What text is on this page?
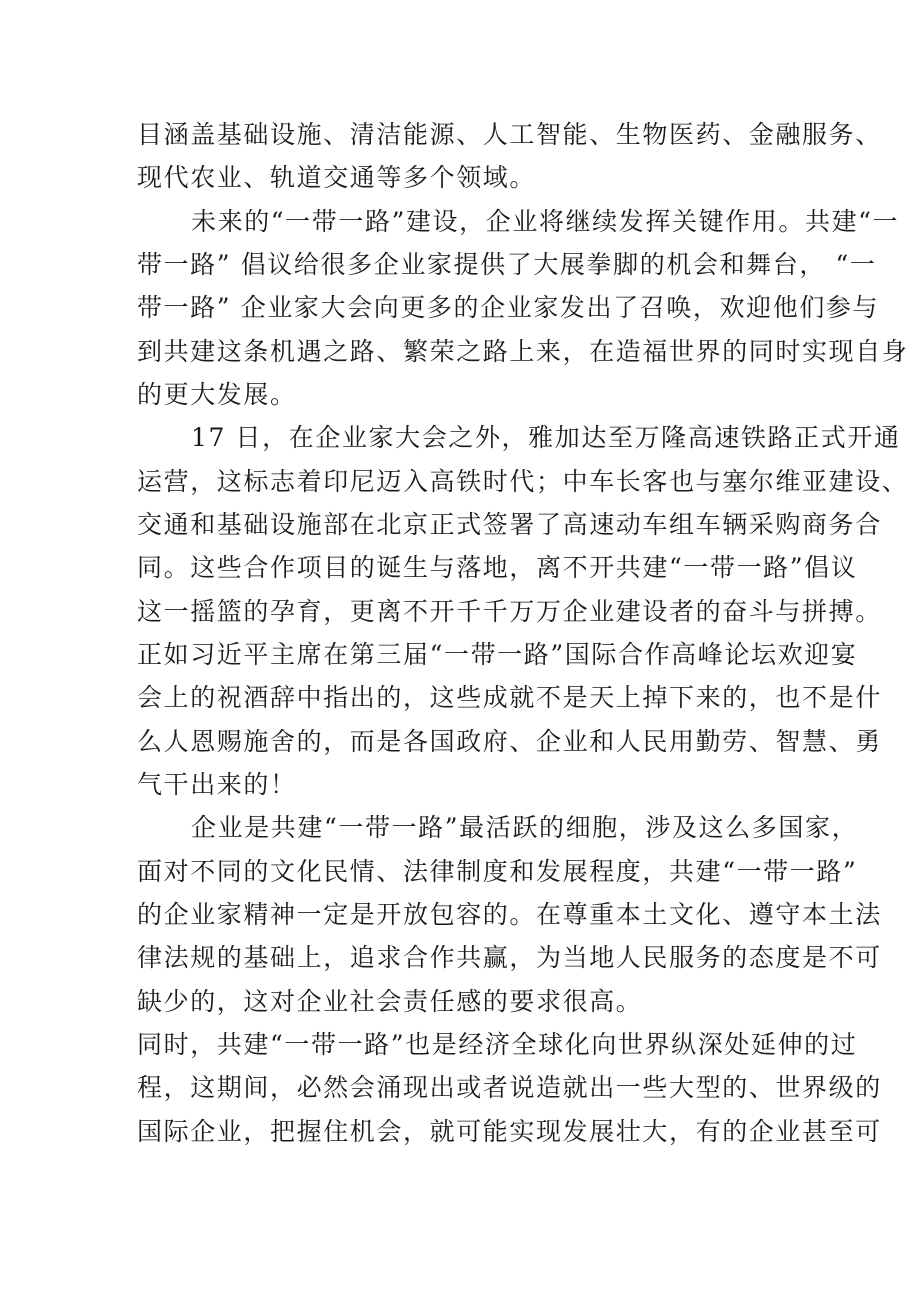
目涵盖基础设施、清洁能源、人工智能、生物医药、金融服务、
现代农业、轨道交通等多个领域。
未来的“一带一路”建设，企业将继续发挥关键作用。共建“一
带一路” 倡议给很多企业家提供了大展拳脚的机会和舞台， “一
带一路” 企业家大会向更多的企业家发出了召唤，欢迎他们参与
到共建这条机遇之路、繁荣之路上来，在造福世界的同时实现自身
的更大发展。
17 日，在企业家大会之外，雅加达至万隆高速铁路正式开通
运营，这标志着印尼迈入高铁时代；中车长客也与塞尔维亚建设、
交通和基础设施部在北京正式签署了高速动车组车辆采购商务合
同。这些合作项目的诞生与落地，离不开共建“一带一路”倡议
这一摇篮的孕育，更离不开千千万万企业建设者的奋斗与拼搏。
正如习近平主席在第三届“一带一路”国际合作高峰论坛欢迎宴
会上的祝酒辞中指出的，这些成就不是天上掉下来的，也不是什
么人恩赐施舍的，而是各国政府、企业和人民用勤劳、智慧、勇
气干出来的！
企业是共建“一带一路”最活跃的细胞，涉及这么多国家，
面对不同的文化民情、法律制度和发展程度，共建“一带一路”
的企业家精神一定是开放包容的。在尊重本土文化、遵守本土法
律法规的基础上，追求合作共赢，为当地人民服务的态度是不可
缺少的，这对企业社会责任感的要求很高。
同时，共建“一带一路”也是经济全球化向世界纵深处延伸的过
程，这期间，必然会涌现出或者说造就出一些大型的、世界级的
国际企业，把握住机会，就可能实现发展壮大，有的企业甚至可
